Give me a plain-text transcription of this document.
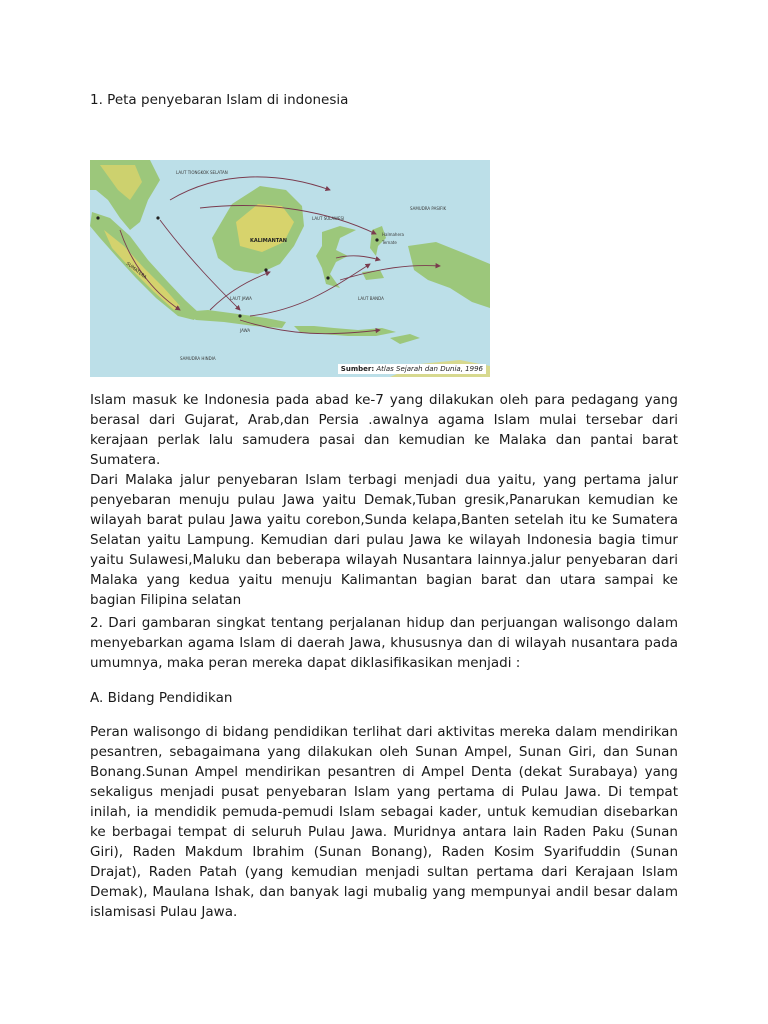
1. Peta penyebaran Islam di indonesia

LAUT TIONGKOK SELATAN
LAUT SULAWESI
SAMUDRA PASIFIK
KALIMANTAN
SUMATERA
LAUT JAWA	LAUT BANDA
SAMUDRA HINDIA
Halmahera
Ternate
JAWA
Sumber: Atlas Sejarah dan Dunia, 1996

Islam masuk ke Indonesia pada abad ke-7 yang dilakukan oleh para pedagang yang berasal dari Gujarat, Arab,dan Persia .awalnya agama Islam mulai tersebar dari kerajaan perlak lalu samudera pasai dan kemudian ke Malaka dan pantai barat Sumatera.

Dari Malaka jalur penyebaran Islam terbagi menjadi dua yaitu, yang pertama jalur penyebaran menuju pulau Jawa yaitu Demak,Tuban gresik,Panarukan kemudian ke wilayah barat pulau Jawa yaitu corebon,Sunda kelapa,Banten setelah itu ke Sumatera Selatan yaitu Lampung. Kemudian dari pulau Jawa ke wilayah Indonesia bagia timur yaitu Sulawesi,Maluku dan beberapa wilayah Nusantara lainnya.jalur penyebaran dari Malaka yang kedua yaitu menuju Kalimantan bagian barat dan utara sampai ke bagian Filipina selatan

2. Dari gambaran singkat tentang perjalanan hidup dan perjuangan walisongo dalam menyebarkan agama Islam di daerah Jawa, khususnya dan di wilayah nusantara pada umumnya, maka peran mereka dapat diklasifikasikan menjadi :

A. Bidang Pendidikan

Peran walisongo di bidang pendidikan terlihat dari aktivitas mereka dalam mendirikan pesantren, sebagaimana yang dilakukan oleh Sunan Ampel, Sunan Giri, dan Sunan Bonang.Sunan Ampel mendirikan pesantren di Ampel Denta (dekat Surabaya) yang sekaligus menjadi pusat penyebaran Islam yang pertama di Pulau Jawa. Di tempat inilah, ia mendidik pemuda-pemudi Islam sebagai kader, untuk kemudian disebarkan ke berbagai tempat di seluruh Pulau Jawa. Muridnya antara lain Raden Paku (Sunan Giri), Raden Makdum Ibrahim (Sunan Bonang), Raden Kosim Syarifuddin (Sunan Drajat), Raden Patah (yang kemudian menjadi sultan pertama dari Kerajaan Islam Demak), Maulana Ishak, dan banyak lagi mubalig yang mempunyai andil besar dalam islamisasi Pulau Jawa.
